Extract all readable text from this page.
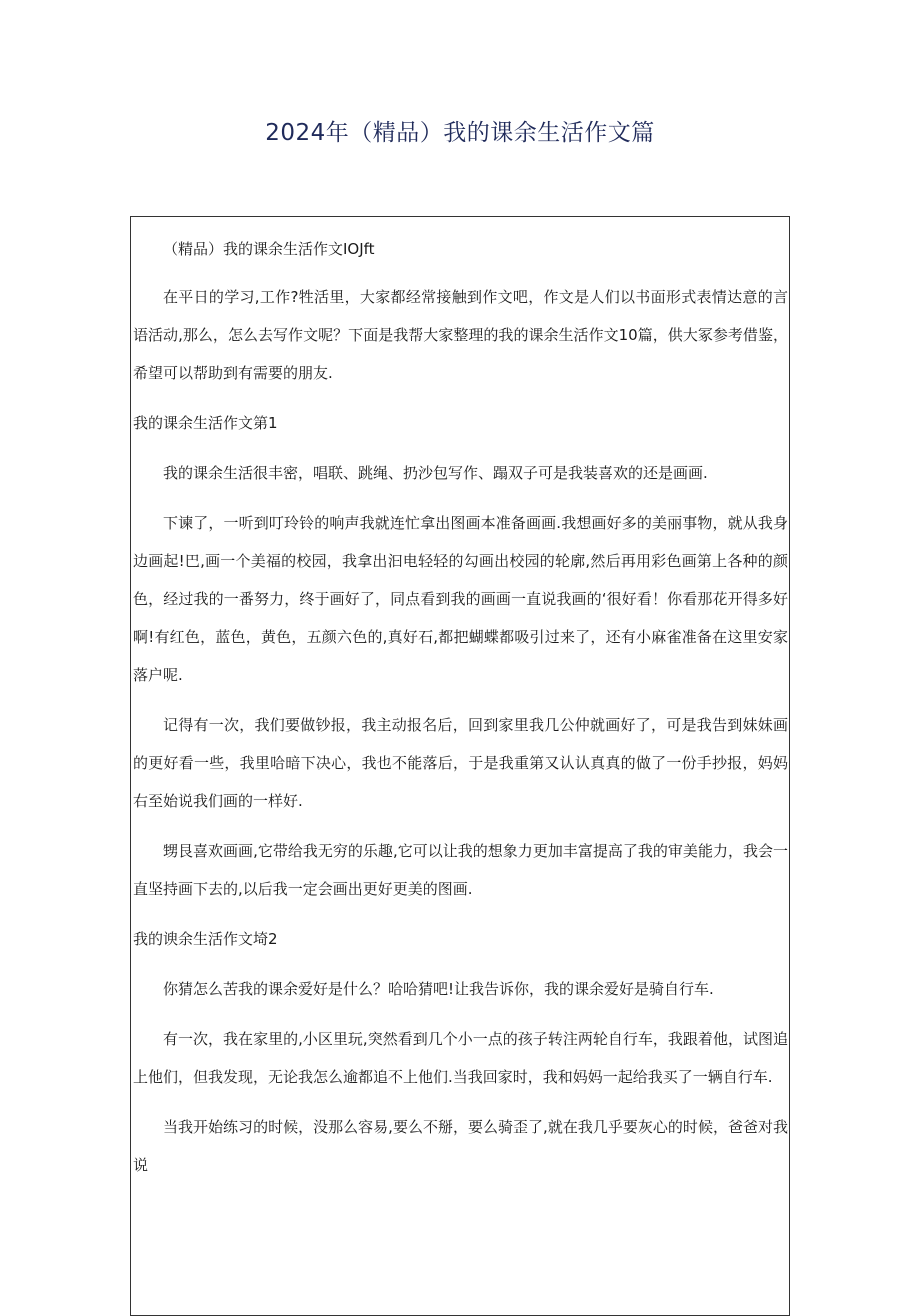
2024年（精品）我的课余生活作文篇

（精品）我的课余生活作文IOJft

在平日的学习,工作?牲活里，大家都经常接触到作文吧，作文是人们以书面形式表情达意的言语活动,那么，怎么去写作文呢？下面是我帮大家整理的我的课余生活作文10篇，供大冢参考借鉴，希望可以帮助到有需要的朋友.

我的课余生活作文第1

我的课余生活很丰密，唱联、跳绳、扔沙包写作、蹋双子可是我装喜欢的还是画画.

下谏了，一听到叮玲铃的响声我就连忙拿出图画本准备画画.我想画好多的美丽事物，就从我身边画起!巴,画一个美福的校园，我拿出汩电轻轻的勾画出校园的轮廓,然后再用彩色画第上各种的颜色，经过我的一番努力，终于画好了，同点看到我的画画一直说我画的‘很好看！你看那花开得多好啊!有红色，蓝色，黄色，五颜六色的,真好石,都把蝴蝶都吸引过来了，还有小麻雀准备在这里安家落户呢.

记得有一次，我们要做钞报，我主动报名后，回到家里我几公仲就画好了，可是我告到妹妹画的更好看一些，我里哈暗下决心，我也不能落后，于是我重第又认认真真的做了一份手抄报，妈妈右至始说我们画的一样好.

甥艮喜欢画画,它带给我无穷的乐趣,它可以让我的想象力更加丰富提高了我的审美能力，我会一直坚持画下去的,以后我一定会画出更好更美的图画.

我的谀余生活作文埼2

你猜怎么苦我的课余爱好是什么？哈哈猜吧!让我告诉你，我的课余爱好是骑自行车.

有一次，我在家里的,小区里玩,突然看到几个小一点的孩子转注两轮自行车，我跟着他，试图追上他们，但我发现，无论我怎么逾都追不上他们.当我回家时，我和妈妈一起给我买了一辆自行车.

当我开始练习的时候，没那么容易,要么不掰，要么骑歪了,就在我几乎要灰心的时候，爸爸对我说
